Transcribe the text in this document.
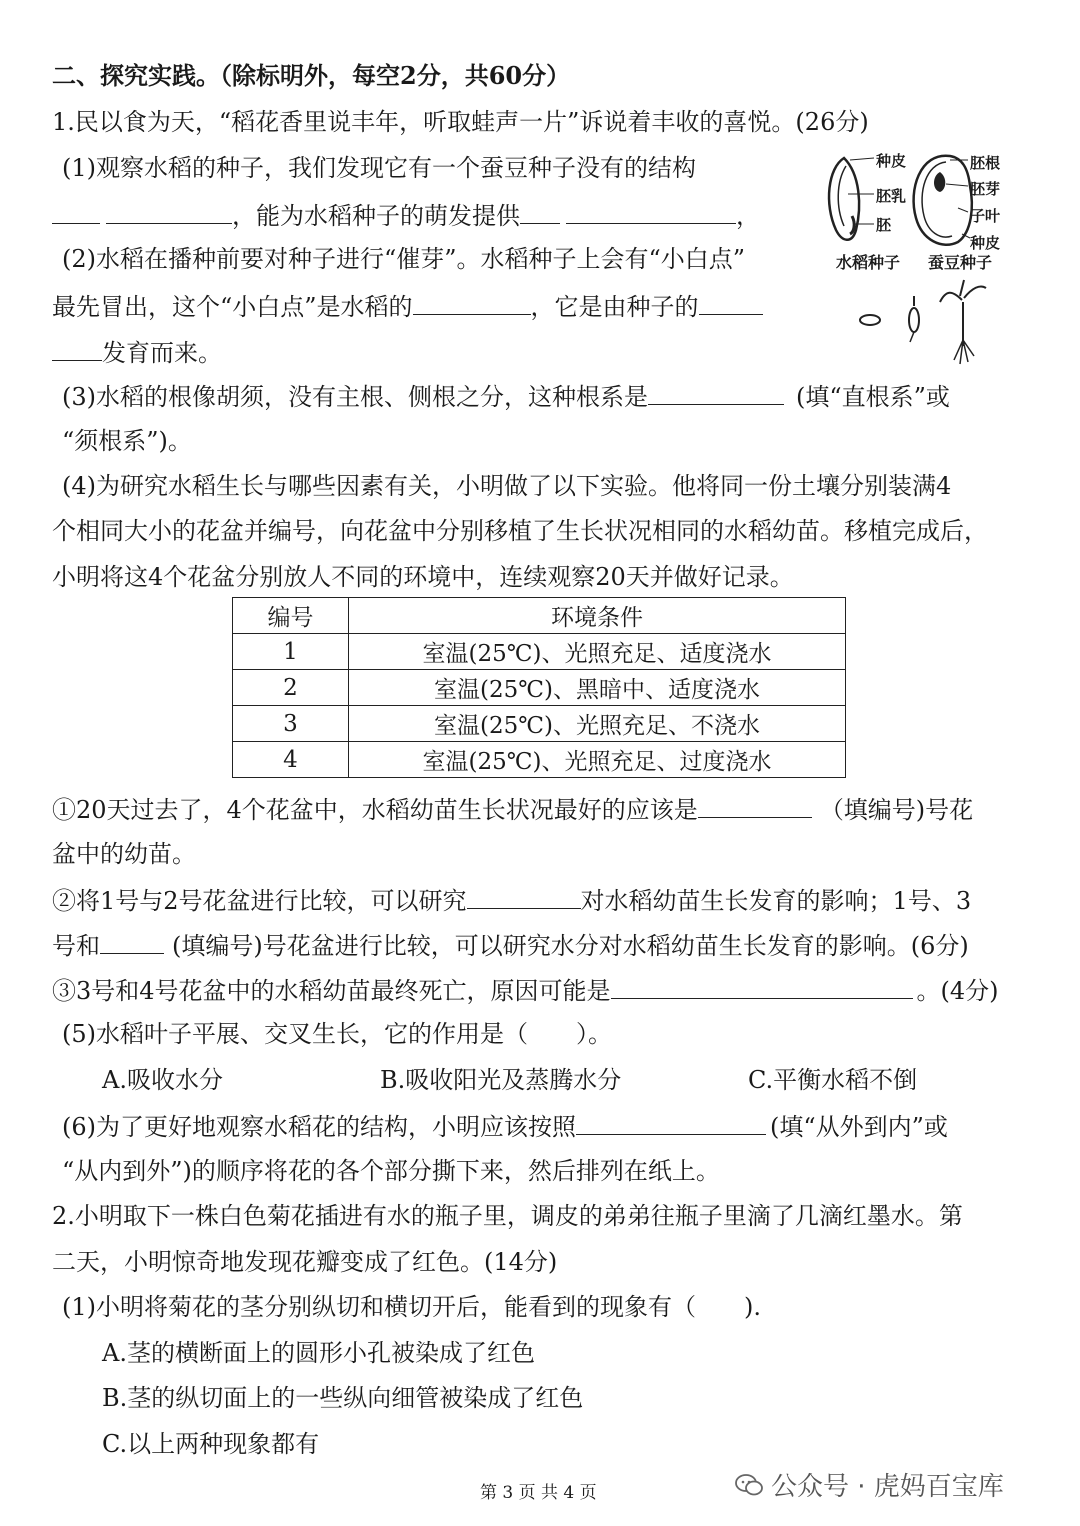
二、探究实践。（除标明外，每空2分，共60分）
1.民以食为天，“稻花香里说丰年，听取蛙声一片”诉说着丰收的喜悦。(26分)
(1)观察水稻的种子，我们发现它有一个蚕豆种子没有的结构
，能为水稻种子的萌发提供	，
(2)水稻在播种前要对种子进行“催芽”。水稻种子上会有“小白点”
最先冒出，这个“小白点”是水稻的	，它是由种子的
发育而来。
(3)水稻的根像胡须，没有主根、侧根之分，这种根系是	(填“直根系”或
“须根系”)。
(4)为研究水稻生长与哪些因素有关，小明做了以下实验。他将同一份土壤分别装满4
个相同大小的花盆并编号，向花盆中分别移植了生长状况相同的水稻幼苗。移植完成后，
小明将这4个花盆分别放人不同的环境中，连续观察20天并做好记录。
编号	环境条件
1	室温(25℃)、光照充足、适度浇水
2	室温(25℃)、黑暗中、适度浇水
3	室温(25℃)、光照充足、不浇水
4	室温(25℃)、光照充足、过度浇水
①20天过去了，4个花盆中，水稻幼苗生长状况最好的应该是	（填编号)号花
盆中的幼苗。
②将1号与2号花盆进行比较，可以研究	对水稻幼苗生长发育的影响；1号、3
号和	(填编号)号花盆进行比较，可以研究水分对水稻幼苗生长发育的影响。(6分)
③3号和4号花盆中的水稻幼苗最终死亡，原因可能是	。(4分)
(5)水稻叶子平展、交叉生长，它的作用是（　　）。
A.吸收水分	B.吸收阳光及蒸腾水分	C.平衡水稻不倒
(6)为了更好地观察水稻花的结构，小明应该按照	(填“从外到内”或
“从内到外”)的顺序将花的各个部分撕下来，然后排列在纸上。
2.小明取下一株白色菊花插进有水的瓶子里，调皮的弟弟往瓶子里滴了几滴红墨水。第
二天，小明惊奇地发现花瓣变成了红色。(14分)
(1)小明将菊花的茎分别纵切和横切开后，能看到的现象有（　　).
A.茎的横断面上的圆形小孔被染成了红色
B.茎的纵切面上的一些纵向细管被染成了红色
C.以上两种现象都有
种皮
胚乳
胚
胚根
胚芽
子叶
种皮
水稻种子 蚕豆种子
第 3 页 共 4 页	公众号 · 虎妈百宝库
